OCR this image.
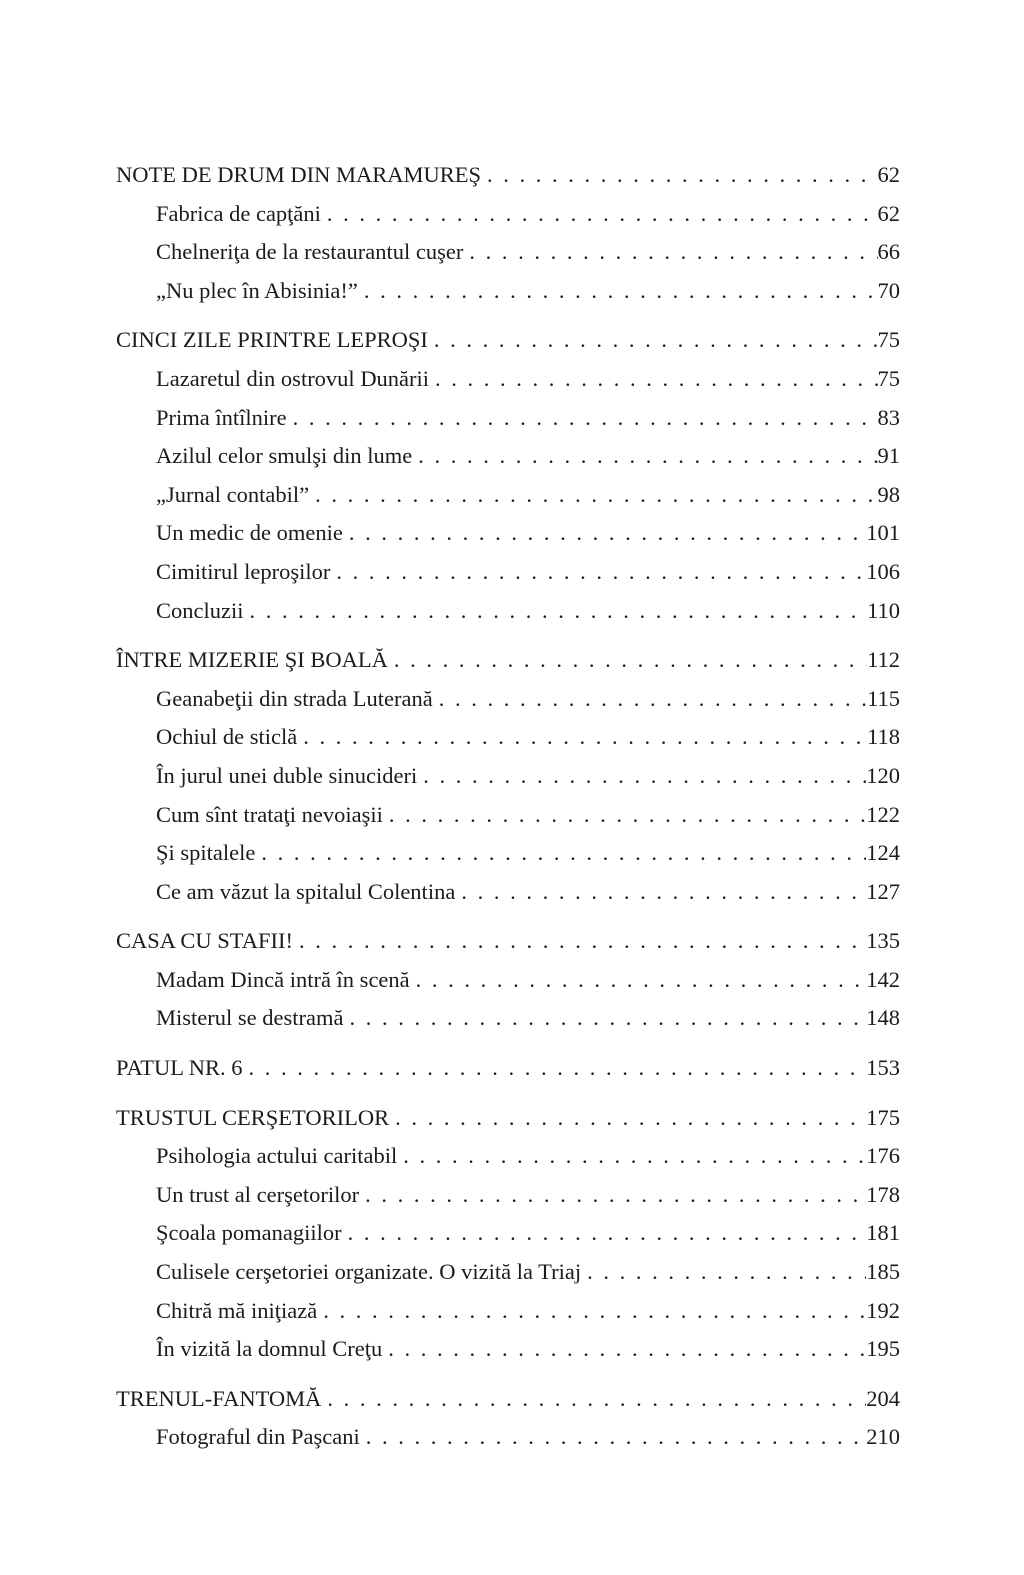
NOTE DE DRUM DIN MARAMUREŞ . . .	62
Fabrica de capţăni . . .	62
Chelneriţa de la restaurantul cuşer . . .	66
„Nu plec în Abisinia!” . . .	70
CINCI ZILE PRINTRE LEPROŞI . . .	75
Lazaretul din ostrovul Dunării . . .	75
Prima întîlnire . . .	83
Azilul celor smulşi din lume . . .	91
„Jurnal contabil” . . .	98
Un medic de omenie . . .	101
Cimitirul leproşilor . . .	106
Concluzii . . .	110
ÎNTRE MIZERIE ŞI BOALĂ . . .	112
Geanabeţii din strada Luterană . . .	115
Ochiul de sticlă . . .	118
În jurul unei duble sinucideri . . .	120
Cum sînt trataţi nevoiaşii . . .	122
Şi spitalele . . .	124
Ce am văzut la spitalul Colentina . . .	127
CASA CU STAFII! . . .	135
Madam Dincă intră în scenă . . .	142
Misterul se destramă . . .	148
PATUL NR. 6 . . .	153
TRUSTUL CERŞETORILOR . . .	175
Psihologia actului caritabil . . .	176
Un trust al cerşetorilor . . .	178
Şcoala pomanagiilor . . .	181
Culisele cerşetoriei organizate. O vizită la Triaj . . .	185
Chitră mă iniţiază . . .	192
În vizită la domnul Creţu . . .	195
TRENUL-FANTOMĂ . . .	204
Fotograful din Paşcani . . .	210
